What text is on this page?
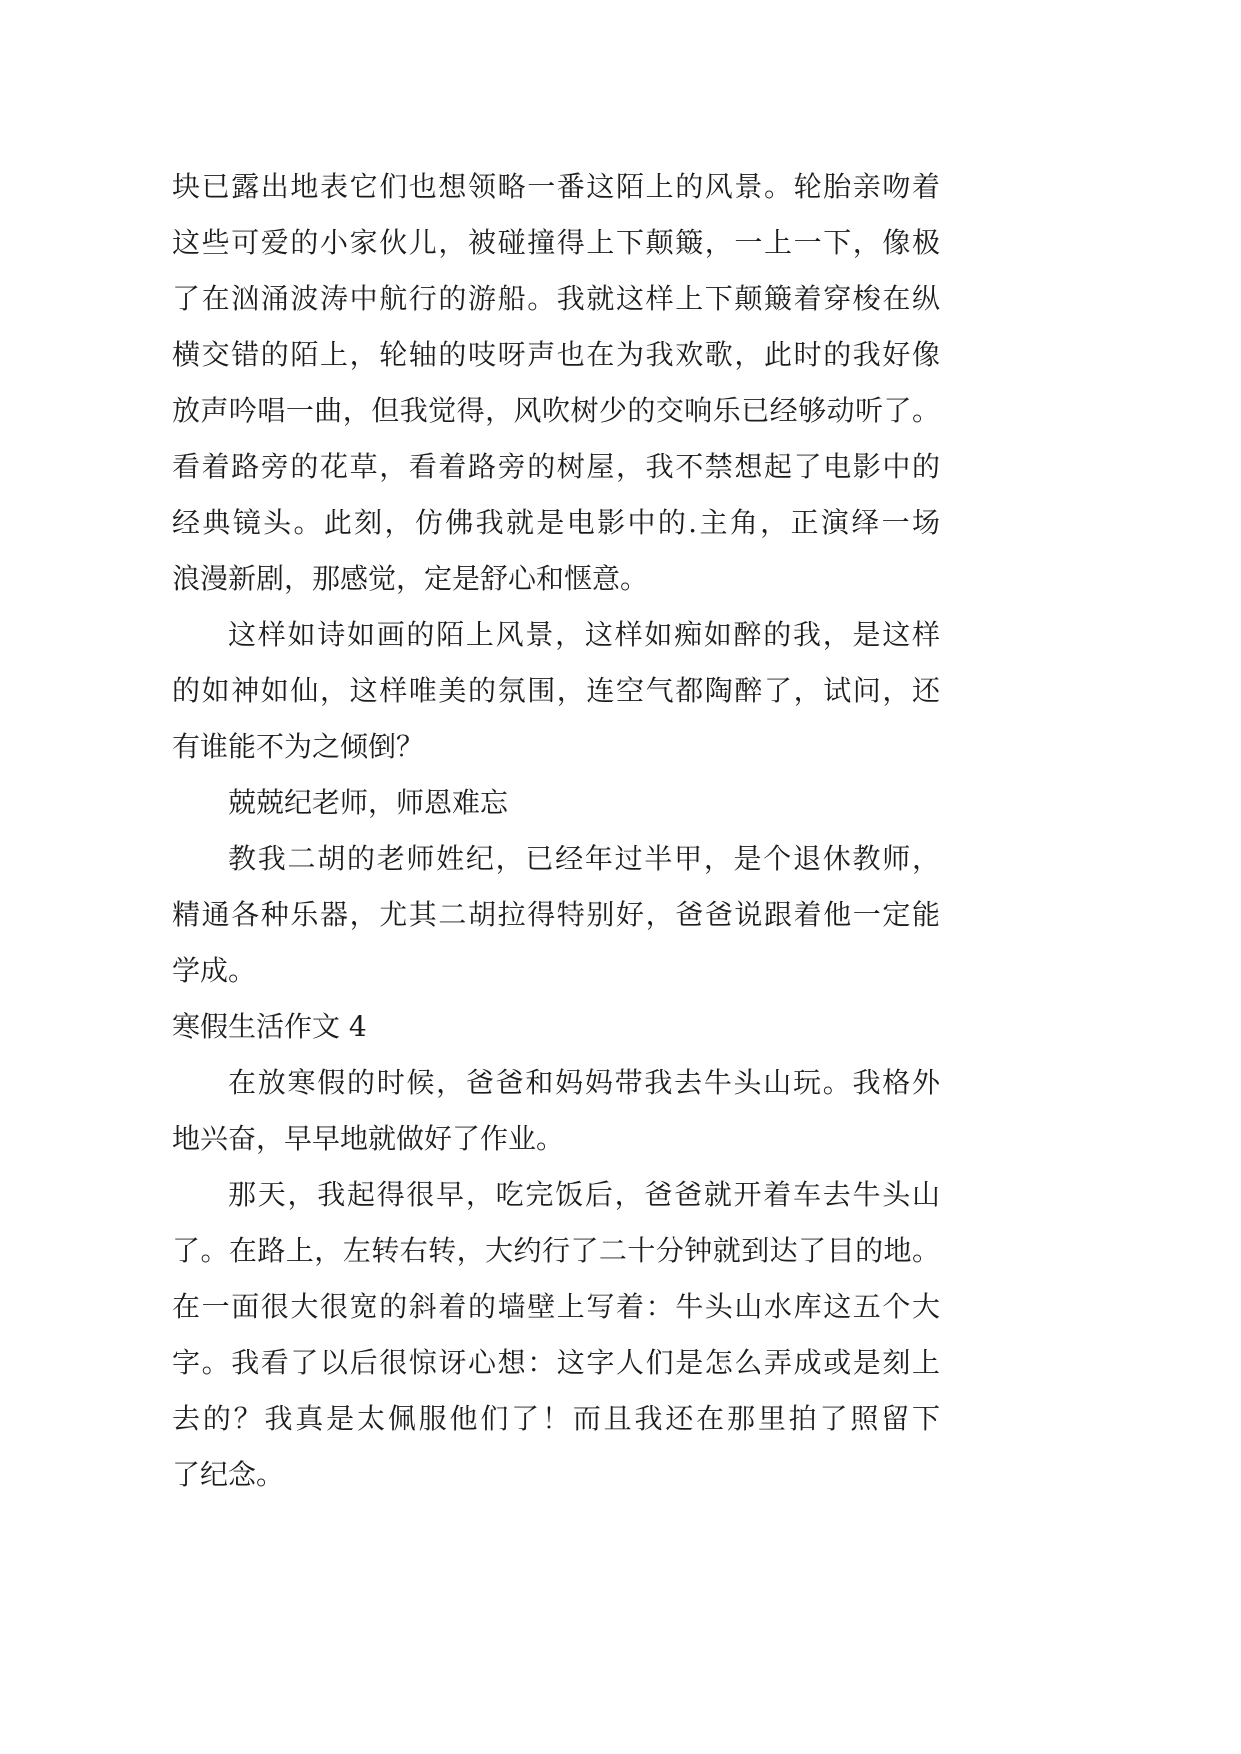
块已露出地表它们也想领略一番这陌上的风景。轮胎亲吻着
这些可爱的小家伙儿，被碰撞得上下颠簸，一上一下，像极
了在汹涌波涛中航行的游船。我就这样上下颠簸着穿梭在纵
横交错的陌上，轮轴的吱呀声也在为我欢歌，此时的我好像
放声吟唱一曲，但我觉得，风吹树少的交响乐已经够动听了。
看着路旁的花草，看着路旁的树屋，我不禁想起了电影中的
经典镜头。此刻，仿佛我就是电影中的.主角，正演绎一场
浪漫新剧，那感觉，定是舒心和惬意。
这样如诗如画的陌上风景，这样如痴如醉的我，是这样
的如神如仙，这样唯美的氛围，连空气都陶醉了，试问，还
有谁能不为之倾倒？
兢兢纪老师，师恩难忘
教我二胡的老师姓纪，已经年过半甲，是个退休教师，
精通各种乐器，尤其二胡拉得特别好，爸爸说跟着他一定能
学成。
寒假生活作文 4
在放寒假的时候，爸爸和妈妈带我去牛头山玩。我格外
地兴奋，早早地就做好了作业。
那天，我起得很早，吃完饭后，爸爸就开着车去牛头山
了。在路上，左转右转，大约行了二十分钟就到达了目的地。
在一面很大很宽的斜着的墙壁上写着：牛头山水库这五个大
字。我看了以后很惊讶心想：这字人们是怎么弄成或是刻上
去的？我真是太佩服他们了！而且我还在那里拍了照留下
了纪念。
